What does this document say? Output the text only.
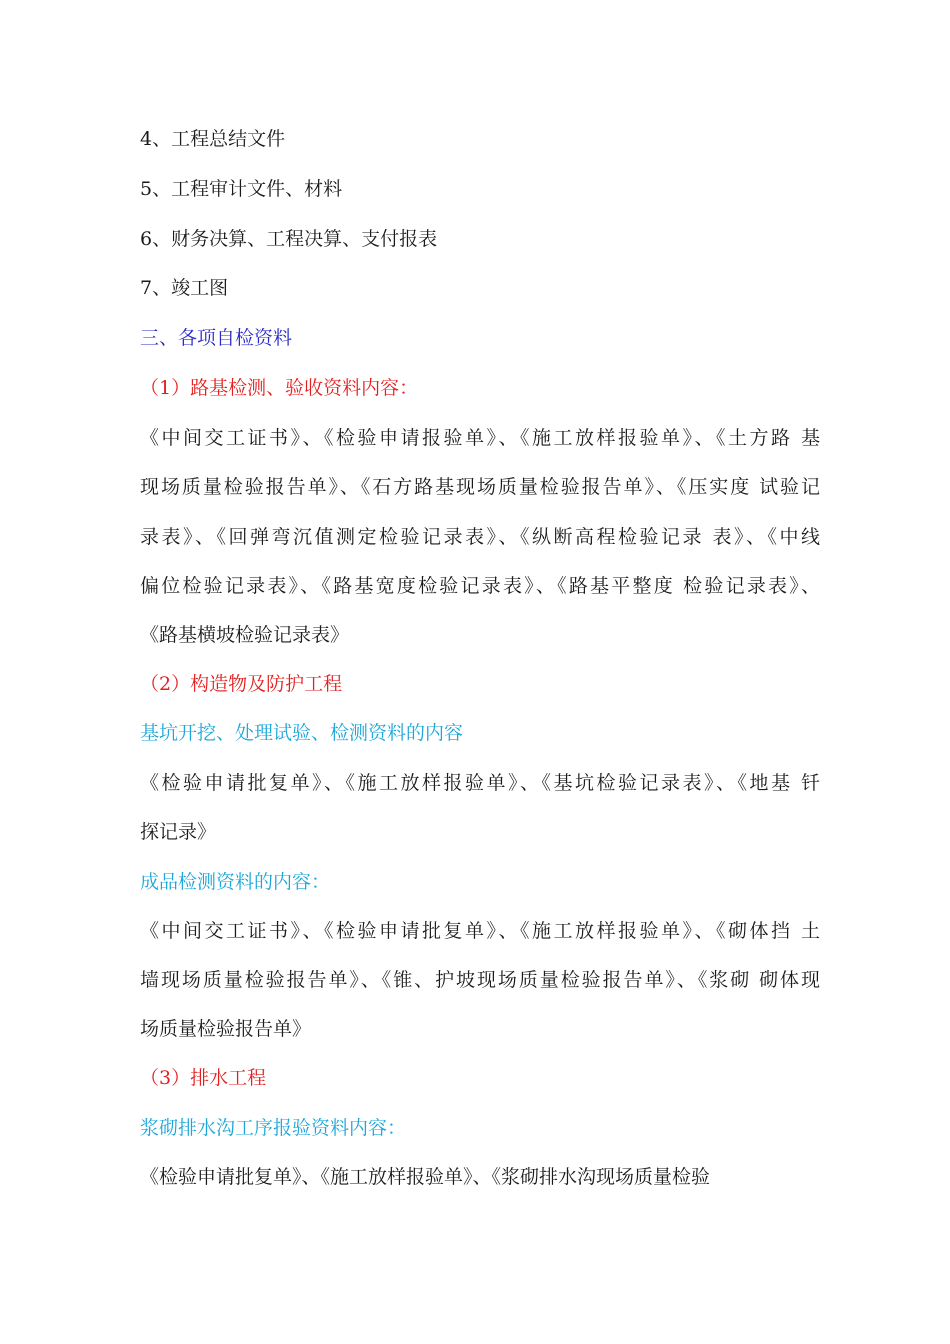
4、工程总结文件
5、工程审计文件、材料
6、财务决算、工程决算、支付报表
7、竣工图
三、各项自检资料
（1）路基检测、验收资料内容：
《中间交工证书》、《检验申请报验单》、《施工放样报验单》、《土方路 基
现场质量检验报告单》、《石方路基现场质量检验报告单》、《压实度 试验记
录表》、《回弹弯沉值测定检验记录表》、《纵断高程检验记录 表》、《中线
偏位检验记录表》、《路基宽度检验记录表》、《路基平整度 检验记录表》、
《路基横坡检验记录表》
（2）构造物及防护工程
基坑开挖、处理试验、检测资料的内容
《检验申请批复单》、《施工放样报验单》、《基坑检验记录表》、《地基 钎
探记录》
成品检测资料的内容：
《中间交工证书》、《检验申请批复单》、《施工放样报验单》、《砌体挡 土
墙现场质量检验报告单》、《锥、护坡现场质量检验报告单》、《浆砌 砌体现
场质量检验报告单》
（3）排水工程
浆砌排水沟工序报验资料内容：
《检验申请批复单》、《施工放样报验单》、《浆砌排水沟现场质量检验
